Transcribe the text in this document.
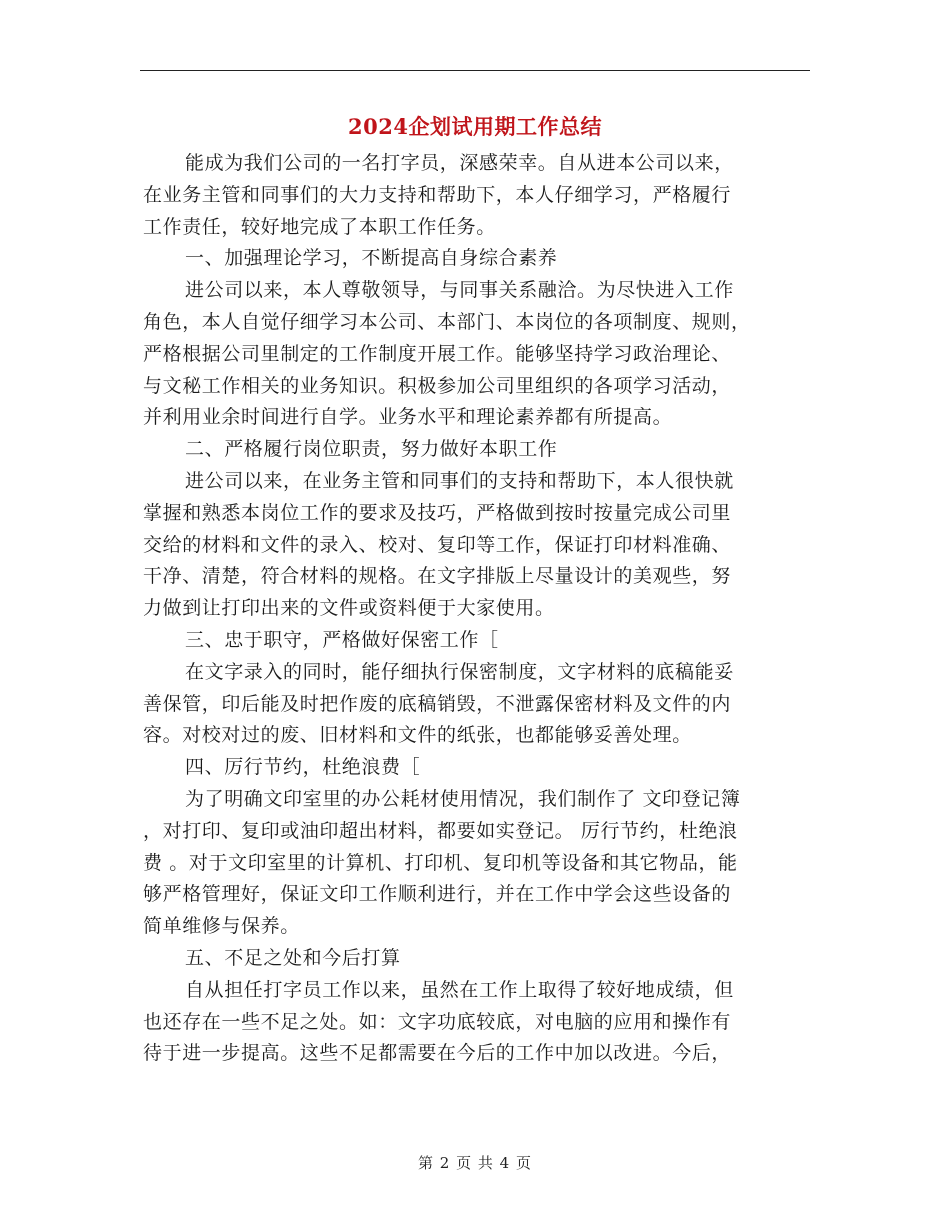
2024企划试用期工作总结
能成为我们公司的一名打字员，深感荣幸。自从进本公司以来，
在业务主管和同事们的大力支持和帮助下，本人仔细学习，严格履行
工作责任，较好地完成了本职工作任务。
一、加强理论学习，不断提高自身综合素养
进公司以来，本人尊敬领导，与同事关系融洽。为尽快进入工作
角色，本人自觉仔细学习本公司、本部门、本岗位的各项制度、规则，
严格根据公司里制定的工作制度开展工作。能够坚持学习政治理论、
与文秘工作相关的业务知识。积极参加公司里组织的各项学习活动，
并利用业余时间进行自学。业务水平和理论素养都有所提高。
二、严格履行岗位职责，努力做好本职工作
进公司以来，在业务主管和同事们的支持和帮助下，本人很快就
掌握和熟悉本岗位工作的要求及技巧，严格做到按时按量完成公司里
交给的材料和文件的录入、校对、复印等工作，保证打印材料准确、
干净、清楚，符合材料的规格。在文字排版上尽量设计的美观些，努
力做到让打印出来的文件或资料便于大家使用。
三、忠于职守，严格做好保密工作［
在文字录入的同时，能仔细执行保密制度，文字材料的底稿能妥
善保管，印后能及时把作废的底稿销毁，不泄露保密材料及文件的内
容。对校对过的废、旧材料和文件的纸张，也都能够妥善处理。
四、厉行节约，杜绝浪费［
为了明确文印室里的办公耗材使用情况，我们制作了 文印登记簿
，对打印、复印或油印超出材料，都要如实登记。 厉行节约，杜绝浪
费 。对于文印室里的计算机、打印机、复印机等设备和其它物品，能
够严格管理好，保证文印工作顺利进行，并在工作中学会这些设备的
简单维修与保养。
五、不足之处和今后打算
自从担任打字员工作以来，虽然在工作上取得了较好地成绩，但
也还存在一些不足之处。如：文字功底较底，对电脑的应用和操作有
待于进一步提高。这些不足都需要在今后的工作中加以改进。今后，
第 2 页 共 4 页
